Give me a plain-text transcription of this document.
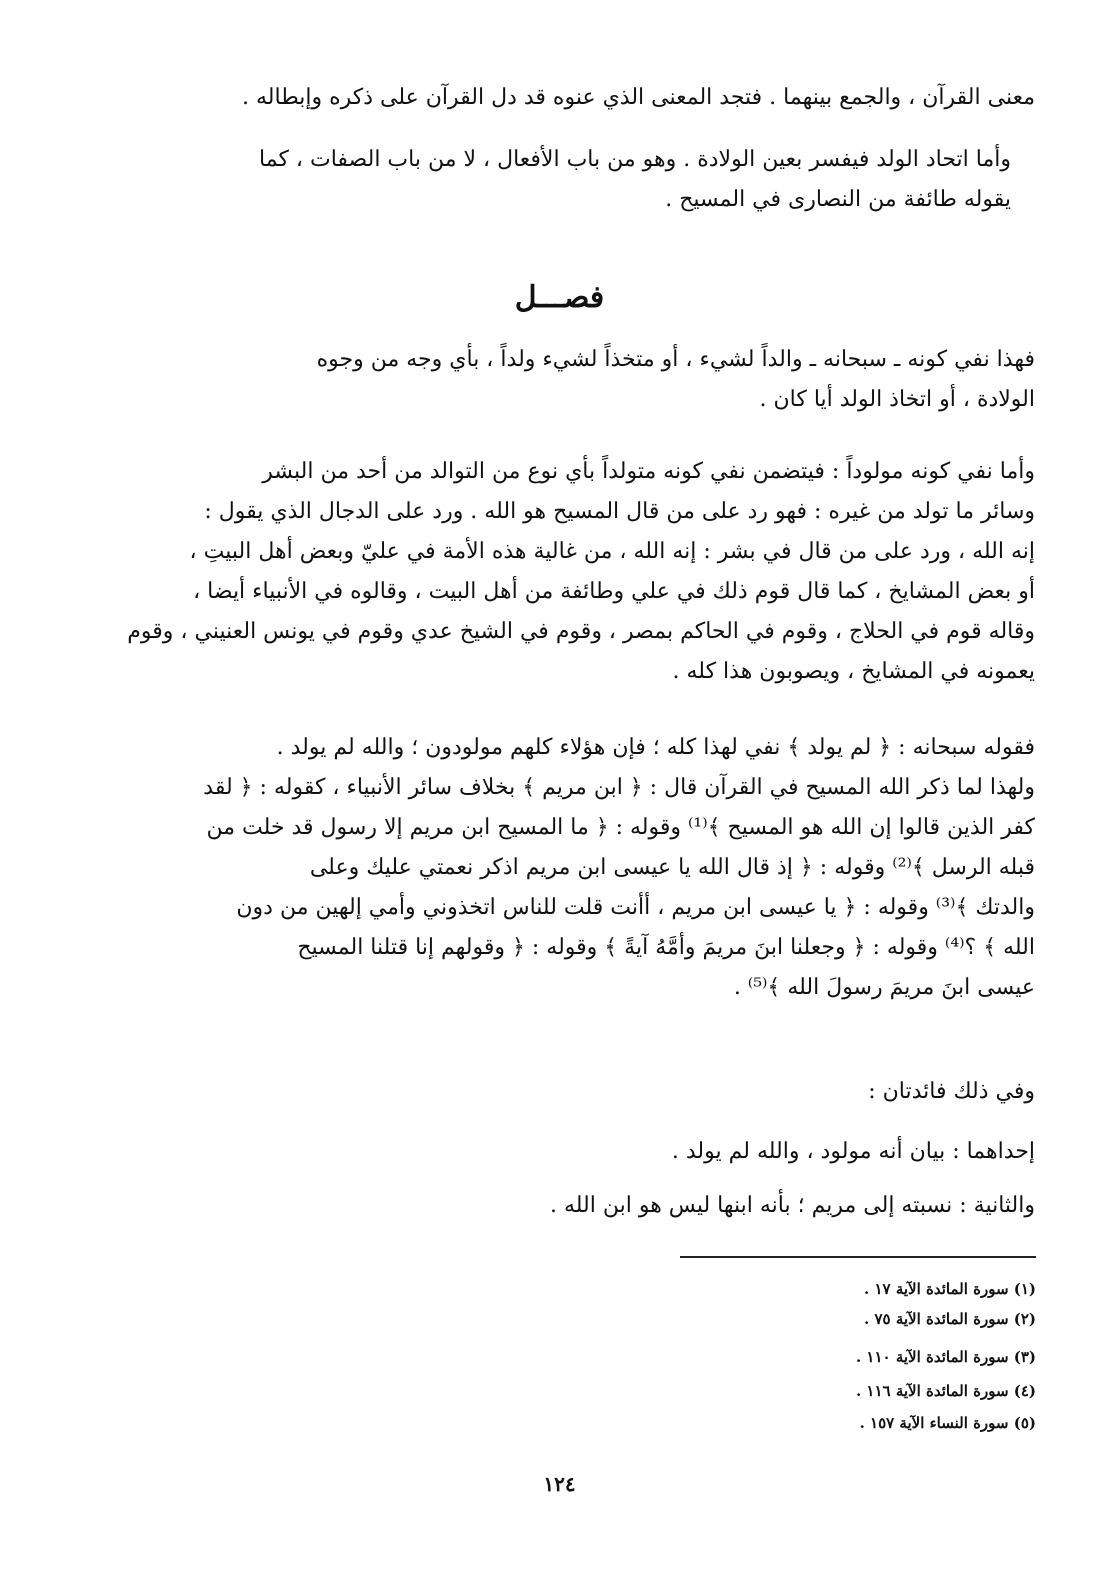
معنى القرآن ، والجمع بينهما . فتجد المعنى الذي عنوه قد دل القرآن على ذكره وإبطاله .
وأما اتحاد الولد فيفسر بعين الولادة . وهو من باب الأفعال ، لا من باب الصفات ، كما
يقوله طائفة من النصارى في المسيح .
فصـــل
فهذا نفي كونه ـ سبحانه ـ والداً لشيء ، أو متخذاً لشيء ولداً ، بأي وجه من وجوه
الولادة ، أو اتخاذ الولد أيا كان .
وأما نفي كونه مولوداً : فيتضمن نفي كونه متولداً بأي نوع من التوالد من أحد من البشر
وسائر ما تولد من غيره : فهو رد على من قال المسيح هو الله . ورد على الدجال الذي يقول :
إنه الله ، ورد على من قال في بشر : إنه الله ، من غالية هذه الأمة في عليّ وبعض أهل البيتِ ،
أو بعض المشايخ ، كما قال قوم ذلك في علي وطائفة من أهل البيت ، وقالوه في الأنبياء أيضا ،
وقاله قوم في الحلاج ، وقوم في الحاكم بمصر ، وقوم في الشيخ عدي وقوم في يونس العنيني ، وقوم
يعمونه في المشايخ ، ويصوبون هذا كله .
فقوله سبحانه : ﴿ لم يولد ﴾ نفي لهذا كله ؛ فإن هؤلاء كلهم مولودون ؛ والله لم يولد .
ولهذا لما ذكر الله المسيح في القرآن قال : ﴿ ابن مريم ﴾ بخلاف سائر الأنبياء ، كقوله : ﴿ لقد
كفر الذين قالوا إن الله هو المسيح ﴾⁽¹⁾ وقوله : ﴿ ما المسيح ابن مريم إلا رسول قد خلت من
قبله الرسل ﴾⁽²⁾ وقوله : ﴿ إذ قال الله يا عيسى ابن مريم اذكر نعمتي عليك وعلى
والدتك ﴾⁽³⁾ وقوله : ﴿ يا عيسى ابن مريم ، أأنت قلت للناس اتخذوني وأمي إلهين من دون
الله ﴾ ؟⁽⁴⁾ وقوله : ﴿ وجعلنا ابنَ مريمَ وأمَّهُ آيةً ﴾ وقوله : ﴿ وقولهم إنا قتلنا المسيح
عيسى ابنَ مريمَ رسولَ الله ﴾⁽⁵⁾ .
وفي ذلك فائدتان :
إحداهما : بيان أنه مولود ، والله لم يولد .
والثانية : نسبته إلى مريم ؛ بأنه ابنها ليس هو ابن الله .
(١) سورة المائدة الآية ١٧ .
(٢) سورة المائدة الآية ٧٥ .
(٣) سورة المائدة الآية ١١٠ .
(٤) سورة المائدة الآية ١١٦ .
(٥) سورة النساء الآية ١٥٧ .
١٢٤
